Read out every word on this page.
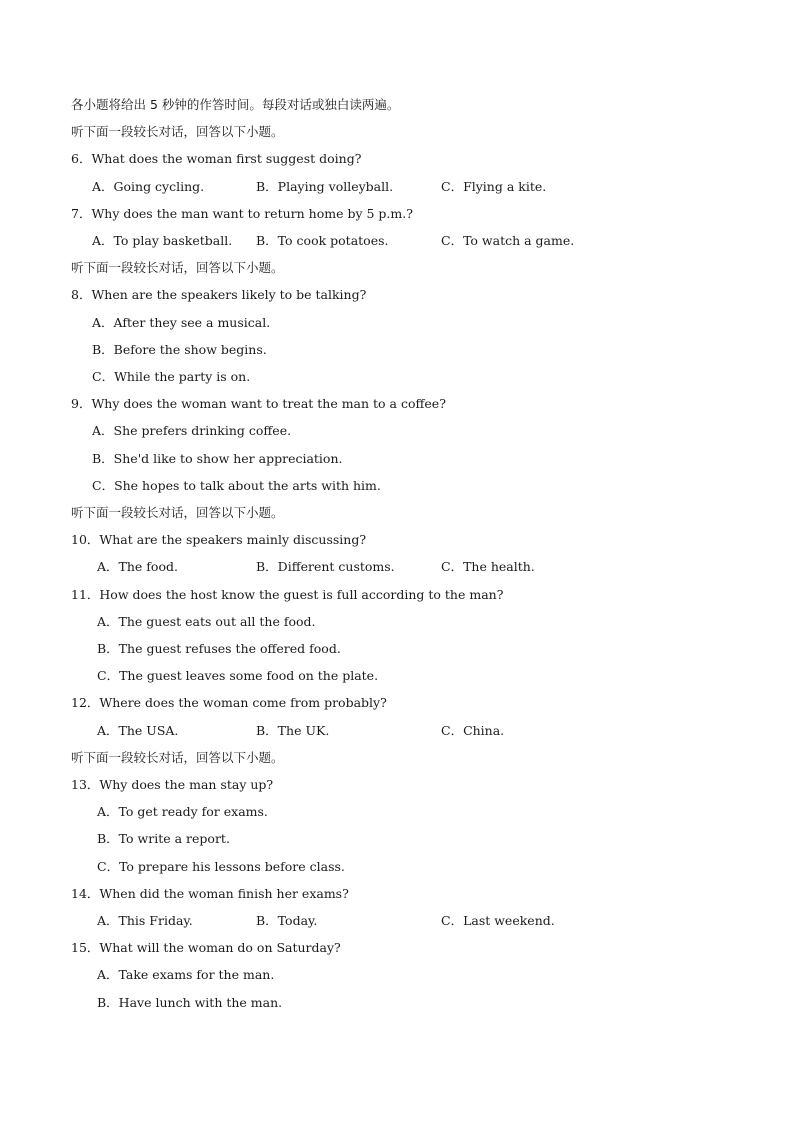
各小题将给出 5 秒钟的作答时间。每段对话或独白读两遍。
听下面一段较长对话，回答以下小题。
6．What does the woman first suggest doing?
A．Going cycling.	B．Playing volleyball.	C．Flying a kite.
7．Why does the man want to return home by 5 p.m.?
A．To play basketball. B．To cook potatoes.	C．To watch a game.
听下面一段较长对话，回答以下小题。
8．When are the speakers likely to be talking?
A．After they see a musical.
B．Before the show begins.
C．While the party is on.
9．Why does the woman want to treat the man to a coffee?
A．She prefers drinking coffee.
B．She'd like to show her appreciation.
C．She hopes to talk about the arts with him.
听下面一段较长对话，回答以下小题。
10．What are the speakers mainly discussing?
A．The food.	B．Different customs.	C．The health.
11．How does the host know the guest is full according to the man?
A．The guest eats out all the food.
B．The guest refuses the offered food.
C．The guest leaves some food on the plate.
12．Where does the woman come from probably?
A．The USA.	B．The UK.	C．China.
听下面一段较长对话，回答以下小题。
13．Why does the man stay up?
A．To get ready for exams.
B．To write a report.
C．To prepare his lessons before class.
14．When did the woman finish her exams?
A．This Friday.	B．Today.	C．Last weekend.
15．What will the woman do on Saturday?
A．Take exams for the man.
B．Have lunch with the man.
